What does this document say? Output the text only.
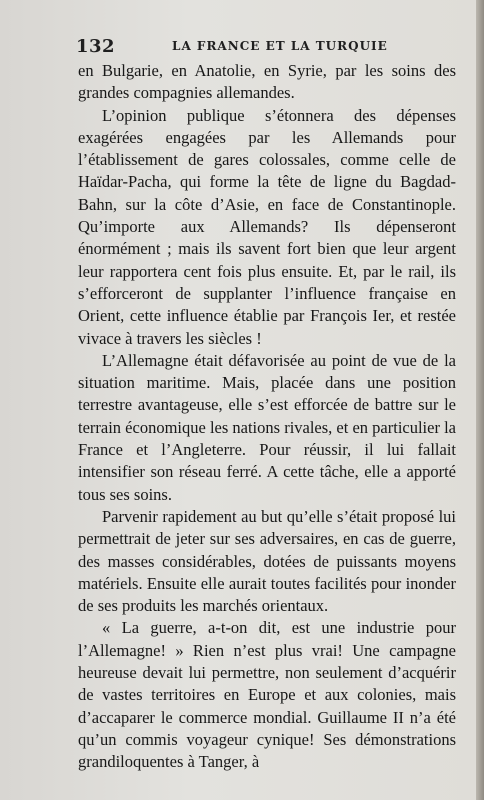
132	LA FRANCE ET LA TURQUIE

en Bulgarie, en Anatolie, en Syrie, par les soins des grandes compagnies allemandes.

L’opinion publique s’étonnera des dépenses exagérées engagées par les Allemands pour l’établissement de gares colossales, comme celle de Haïdar-Pacha, qui forme la tête de ligne du Bagdad-Bahn, sur la côte d’Asie, en face de Constantinople. Qu’importe aux Allemands? Ils dépenseront énormément ; mais ils savent fort bien que leur argent leur rapportera cent fois plus ensuite. Et, par le rail, ils s’efforceront de supplanter l’influence française en Orient, cette influence établie par François Ier, et restée vivace à travers les siècles !

L’Allemagne était défavorisée au point de vue de la situation maritime. Mais, placée dans une position terrestre avantageuse, elle s’est efforcée de battre sur le terrain économique les nations rivales, et en particulier la France et l’Angleterre. Pour réussir, il lui fallait intensifier son réseau ferré. A cette tâche, elle a apporté tous ses soins.

Parvenir rapidement au but qu’elle s’était proposé lui permettrait de jeter sur ses adversaires, en cas de guerre, des masses considérables, dotées de puissants moyens matériels. Ensuite elle aurait toutes facilités pour inonder de ses produits les marchés orientaux.

« La guerre, a-t-on dit, est une industrie pour l’Allemagne! » Rien n’est plus vrai! Une campagne heureuse devait lui permettre, non seulement d’acquérir de vastes territoires en Europe et aux colonies, mais d’accaparer le commerce mondial. Guillaume II n’a été qu’un commis voyageur cynique! Ses démonstrations grandiloquentes à Tanger, à
